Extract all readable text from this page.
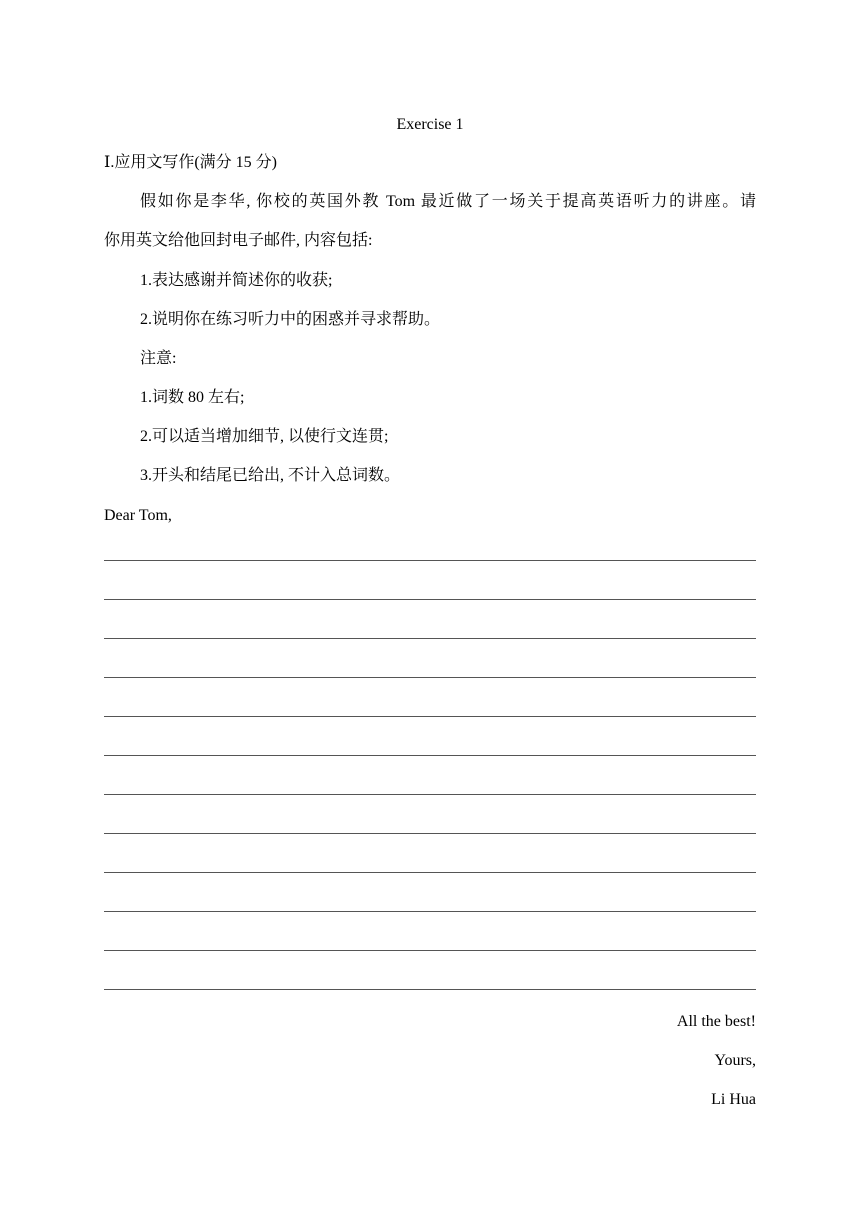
Exercise 1
Ⅰ.应用文写作(满分 15 分)
假如你是李华, 你校的英国外教 Tom 最近做了一场关于提高英语听力的讲座。请
你用英文给他回封电子邮件, 内容包括:
1.表达感谢并简述你的收获;
2.说明你在练习听力中的困惑并寻求帮助。
注意:
1.词数 80 左右;
2.可以适当增加细节, 以使行文连贯;
3.开头和结尾已给出, 不计入总词数。
Dear Tom,
All the best!
Yours,
Li Hua
